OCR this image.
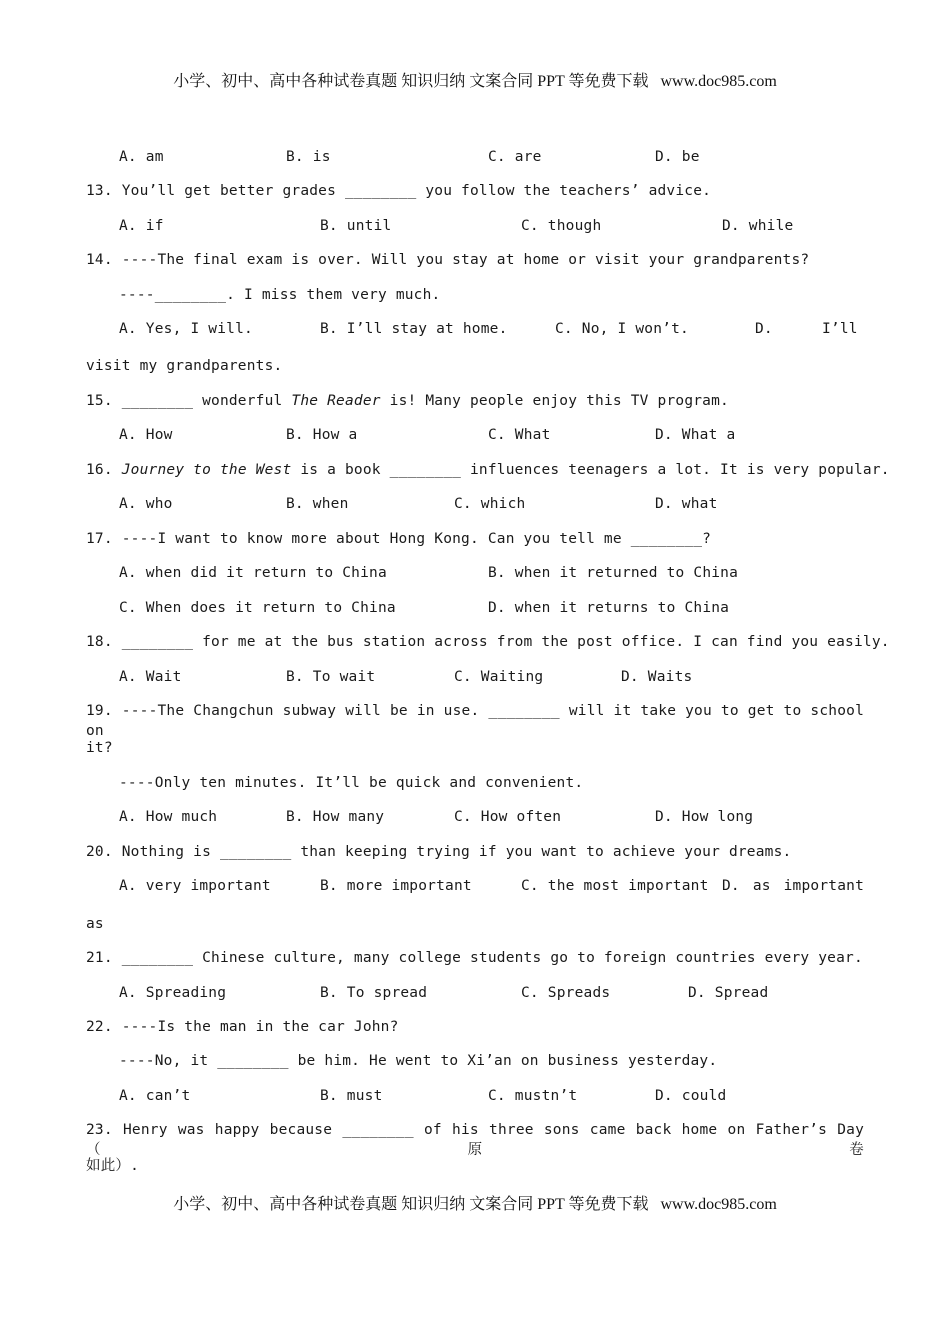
小学、初中、高中各种试卷真题 知识归纳 文案合同 PPT 等免费下载   www.doc985.com
A. am	B. is	C. are	D. be
13. You’ll get better grades ________ you follow the teachers’ advice.
A. if	B. until	C. though	D. while
14. ----The final exam is over. Will you stay at home or visit your grandparents?
----________. I miss them very much.
A. Yes, I will.	B. I’ll stay at home.	C. No, I won’t.	D.	I’ll
visit my grandparents.
15. ________ wonderful The Reader is! Many people enjoy this TV program.
A. How	B. How a	C. What	D. What a
16. Journey to the West is a book ________ influences teenagers a lot. It is very popular.
A. who	B. when	C. which	D. what
17. ----I want to know more about Hong Kong. Can you tell me ________?
A. when did it return to China	B. when it returned to China
C. When does it return to China	D. when it returns to China
18. ________ for me at the bus station across from the post office. I can find you easily.
A. Wait	B. To wait	C. Waiting	D. Waits
19. ----The Changchun subway will be in use. ________ will it take you to get to school on
it?
----Only ten minutes. It’ll be quick and convenient.
A. How much	B. How many	C. How often	D. How long
20. Nothing is ________ than keeping trying if you want to achieve your dreams.
A. very important	B. more important	C. the most important D. as important
as
21. ________ Chinese culture, many college students go to foreign countries every year.
A. Spreading	B. To spread	C. Spreads	D. Spread
22. ----Is the man in the car John?
----No, it ________ be him. He went to Xi’an on business yesterday.
A. can’t	B. must	C. mustn’t	D. could
23. Henry was happy because ________ of his three sons came back home on Father’s Day（原卷
如此）.
小学、初中、高中各种试卷真题 知识归纳 文案合同 PPT 等免费下载   www.doc985.com
